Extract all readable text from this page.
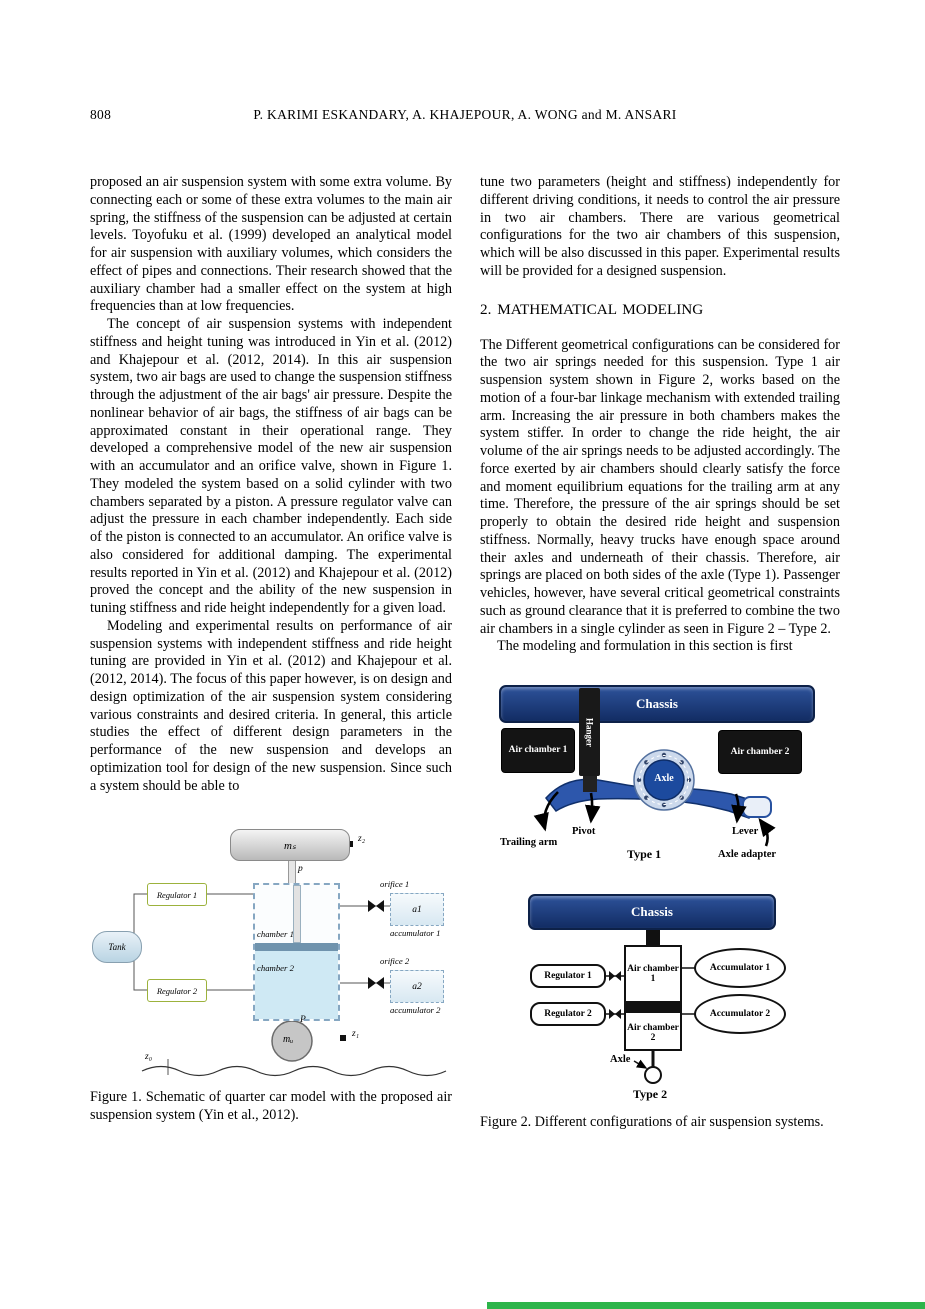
808	P. KARIMI ESKANDARY, A. KHAJEPOUR, A. WONG and M. ANSARI

proposed an air suspension system with some extra volume. By connecting each or some of these extra volumes to the main air spring, the stiffness of the suspension can be adjusted at certain levels. Toyofuku et al. (1999) developed an analytical model for air suspension with auxiliary volumes, which considers the effect of pipes and connections. Their research showed that the auxiliary chamber had a smaller effect on the system at high frequencies than at low frequencies.

The concept of air suspension systems with independent stiffness and height tuning was introduced in Yin et al. (2012) and Khajepour et al. (2012, 2014). In this air suspension system, two air bags are used to change the suspension stiffness through the adjustment of the air bags' air pressure. Despite the nonlinear behavior of air bags, the stiffness of air bags can be approximated constant in their operational range. They developed a comprehensive model of the new air suspension with an accumulator and an orifice valve, shown in Figure 1. They modeled the system based on a solid cylinder with two chambers separated by a piston. A pressure regulator valve can adjust the pressure in each chamber independently. Each side of the piston is connected to an accumulator. An orifice valve is also considered for additional damping. The experimental results reported in Yin et al. (2012) and Khajepour et al. (2012) proved the concept and the ability of the new suspension in tuning stiffness and ride height independently for a given load.

Modeling and experimental results on performance of air suspension systems with independent stiffness and ride height tuning are provided in Yin et al. (2012) and Khajepour et al. (2012, 2014). The focus of this paper however, is on design and design optimization of the air suspension system considering various constraints and desired criteria. In general, this article studies the effect of different design parameters in the performance of the new suspension and develops an optimization tool for design of the new suspension. Since such a system should be able to

mₛ
z₂
p
chamber 1
chamber 2
Regulator 1
Regulator 2
Tank
orifice 1
orifice 2
a1
a2
accumulator 1
accumulator 2
P
mᵤ	z₁
z₀
Figure 1. Schematic of quarter car model with the proposed air suspension system (Yin et al., 2012).

tune two parameters (height and stiffness) independently for different driving conditions, it needs to control the air pressure in two air chambers. There are various geometrical configurations for the two air chambers of this suspension, which will be also discussed in this paper. Experimental results will be provided for a designed suspension.

2. MATHEMATICAL MODELING

The Different geometrical configurations can be considered for the two air springs needed for this suspension. Type 1 air suspension system shown in Figure 2, works based on the motion of a four-bar linkage mechanism with extended trailing arm. Increasing the air pressure in both chambers makes the system stiffer. In order to change the ride height, the air volume of the air springs needs to be adjusted accordingly. The force exerted by air chambers should clearly satisfy the force and moment equilibrium equations for the trailing arm at any time. Therefore, the pressure of the air springs should be set properly to obtain the desired ride height and suspension stiffness. Normally, heavy trucks have enough space around their axles and underneath of their chassis. Therefore, air springs are placed on both sides of the axle (Type 1). Passenger vehicles, however, have several critical geometrical constraints such as ground clearance that it is preferred to combine the two air chambers in a single cylinder as seen in Figure 2 – Type 2.

The modeling and formulation in this section is first

Chassis
Hanger
Air chamber 1	Air chamber 2
Axle
Pivot	Lever
Trailing arm
Type 1	Axle adapter
Chassis
Air chamber 1
Air chamber 2
Regulator 1
Regulator 2
Accumulator 1
Accumulator 2
Axle
Type 2
Figure 2. Different configurations of air suspension systems.
